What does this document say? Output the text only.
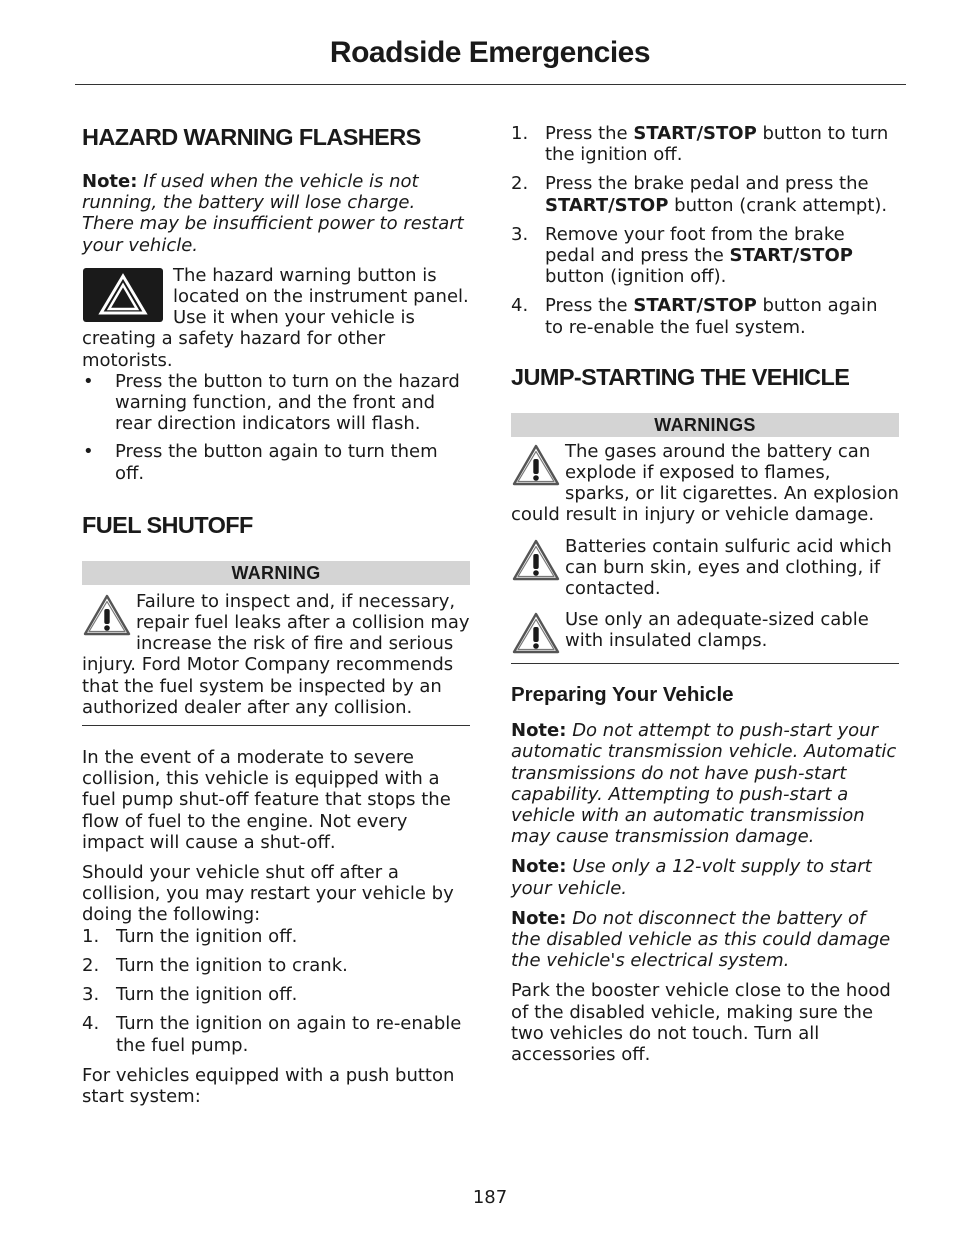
Roadside Emergencies
HAZARD WARNING FLASHERS

Note: If used when the vehicle is not running, the battery will lose charge. There may be insufficient power to restart your vehicle.

The hazard warning button is located on the instrument panel. Use it when your vehicle is creating a safety hazard for other motorists.

• Press the button to turn on the hazard warning function, and the front and rear direction indicators will flash.
• Press the button again to turn them off.
FUEL SHUTOFF
WARNING

Failure to inspect and, if necessary, repair fuel leaks after a collision may increase the risk of fire and serious injury. Ford Motor Company recommends that the fuel system be inspected by an authorized dealer after any collision.

In the event of a moderate to severe collision, this vehicle is equipped with a fuel pump shut-off feature that stops the flow of fuel to the engine. Not every impact will cause a shut-off.

Should your vehicle shut off after a collision, you may restart your vehicle by doing the following:

1. Turn the ignition off.
2. Turn the ignition to crank.
3. Turn the ignition off.
4. Turn the ignition on again to re-enable the fuel pump.

For vehicles equipped with a push button start system:

1. Press the START/STOP button to turn the ignition off.
2. Press the brake pedal and press the START/STOP button (crank attempt).
3. Remove your foot from the brake pedal and press the START/STOP button (ignition off).
4. Press the START/STOP button again to re-enable the fuel system.
JUMP-STARTING THE VEHICLE
WARNINGS

The gases around the battery can explode if exposed to flames, sparks, or lit cigarettes. An explosion could result in injury or vehicle damage.

Batteries contain sulfuric acid which can burn skin, eyes and clothing, if contacted.

Use only an adequate-sized cable with insulated clamps.

Preparing Your Vehicle

Note: Do not attempt to push-start your automatic transmission vehicle. Automatic transmissions do not have push-start capability. Attempting to push-start a vehicle with an automatic transmission may cause transmission damage.

Note: Use only a 12-volt supply to start your vehicle.

Note: Do not disconnect the battery of the disabled vehicle as this could damage the vehicle's electrical system.

Park the booster vehicle close to the hood of the disabled vehicle, making sure the two vehicles do not touch. Turn all accessories off.

187
